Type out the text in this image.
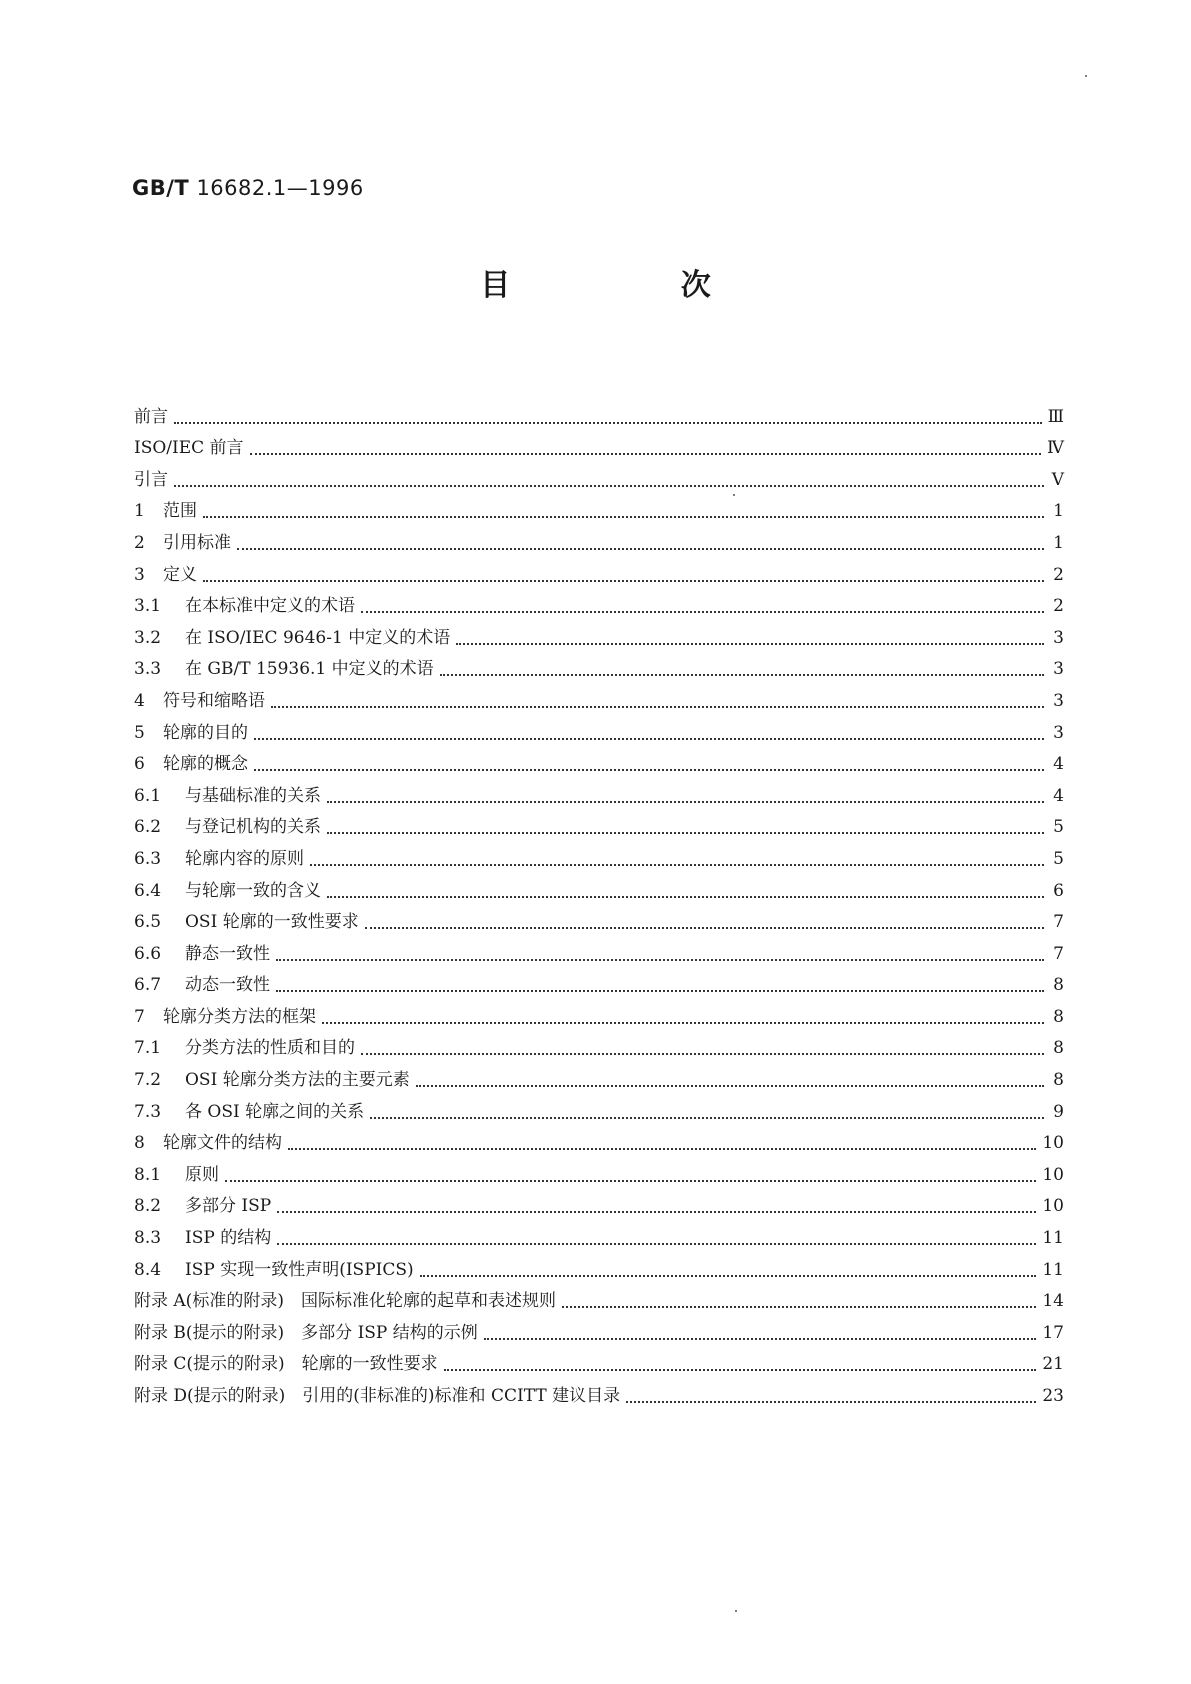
GB/T 16682.1—1996
目 次
前言	Ⅲ
ISO/IEC 前言	Ⅳ
引言	Ⅴ
1	范围	1
2	引用标准	1
3	定义	2
3.1	在本标准中定义的术语	2
3.2	在 ISO/IEC 9646-1 中定义的术语	3
3.3	在 GB/T 15936.1 中定义的术语	3
4	符号和缩略语	3
5	轮廓的目的	3
6	轮廓的概念	4
6.1	与基础标准的关系	4
6.2	与登记机构的关系	5
6.3	轮廓内容的原则	5
6.4	与轮廓一致的含义	6
6.5	OSI 轮廓的一致性要求	7
6.6	静态一致性	7
6.7	动态一致性	8
7	轮廓分类方法的框架	8
7.1	分类方法的性质和目的	8
7.2	OSI 轮廓分类方法的主要元素	8
7.3	各 OSI 轮廓之间的关系	9
8	轮廓文件的结构	10
8.1	原则	10
8.2	多部分 ISP	10
8.3	ISP 的结构	11
8.4	ISP 实现一致性声明(ISPICS)	11
附录 A(标准的附录)　国际标准化轮廓的起草和表述规则	14
附录 B(提示的附录)　多部分 ISP 结构的示例	17
附录 C(提示的附录)　轮廓的一致性要求	21
附录 D(提示的附录)　引用的(非标准的)标准和 CCITT 建议目录	23
